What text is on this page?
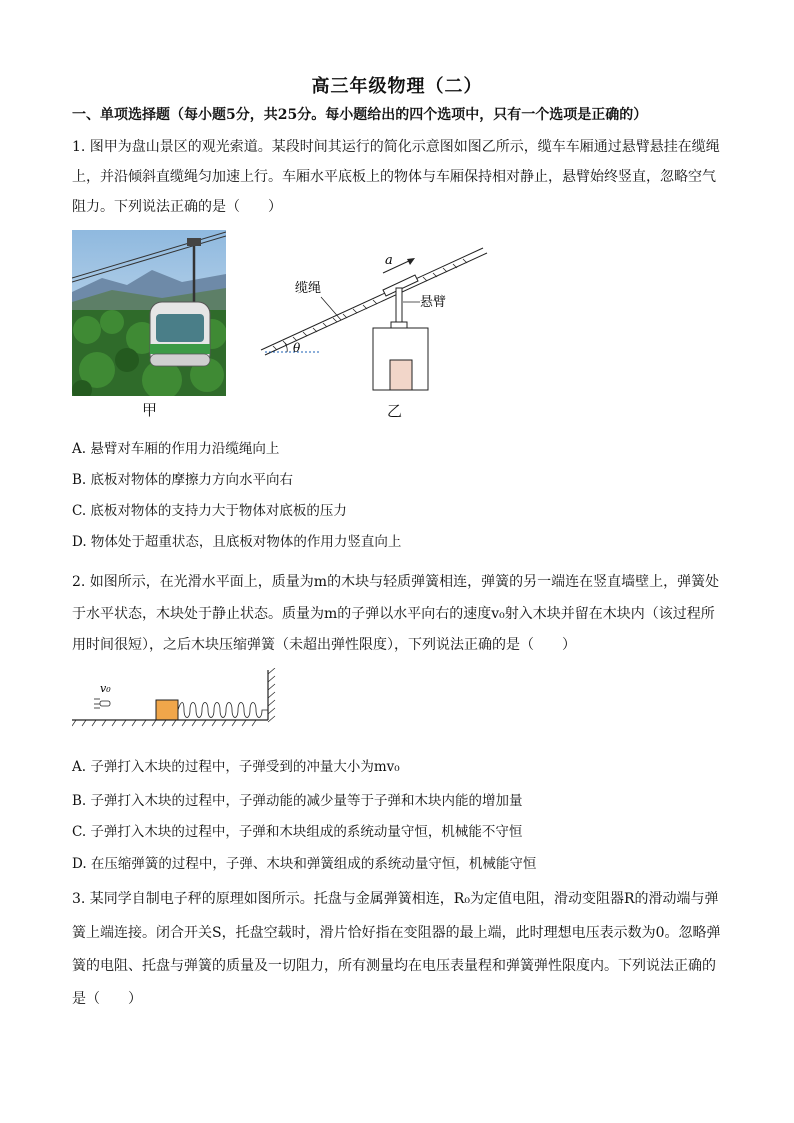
高三年级物理（二）
一、单项选择题（每小题5分，共25分。每小题给出的四个选项中，只有一个选项是正确的）
1. 图甲为盘山景区的观光索道。某段时间其运行的简化示意图如图乙所示，缆车车厢通过悬臂悬挂在缆绳
上，并沿倾斜直缆绳匀加速上行。车厢水平底板上的物体与车厢保持相对静止，悬臂始终竖直，忽略空气
阻力。下列说法正确的是（　　）
甲
θ
a
缆绳
悬臂
乙
A. 悬臂对车厢的作用力沿缆绳向上
B. 底板对物体的摩擦力方向水平向右
C. 底板对物体的支持力大于物体对底板的压力
D. 物体处于超重状态，且底板对物体的作用力竖直向上
2. 如图所示，在光滑水平面上，质量为m的木块与轻质弹簧相连，弹簧的另一端连在竖直墙壁上，弹簧处
于水平状态，木块处于静止状态。质量为m的子弹以水平向右的速度v₀射入木块并留在木块内（该过程所
用时间很短），之后木块压缩弹簧（未超出弹性限度），下列说法正确的是（　　）
v₀
A. 子弹打入木块的过程中，子弹受到的冲量大小为mv₀
B. 子弹打入木块的过程中，子弹动能的减少量等于子弹和木块内能的增加量
C. 子弹打入木块的过程中，子弹和木块组成的系统动量守恒，机械能不守恒
D. 在压缩弹簧的过程中，子弹、木块和弹簧组成的系统动量守恒，机械能守恒
3. 某同学自制电子秤的原理如图所示。托盘与金属弹簧相连，R₀为定值电阻，滑动变阻器R的滑动端与弹
簧上端连接。闭合开关S，托盘空载时，滑片恰好指在变阻器的最上端，此时理想电压表示数为0。忽略弹
簧的电阻、托盘与弹簧的质量及一切阻力，所有测量均在电压表量程和弹簧弹性限度内。下列说法正确的
是（　　）
